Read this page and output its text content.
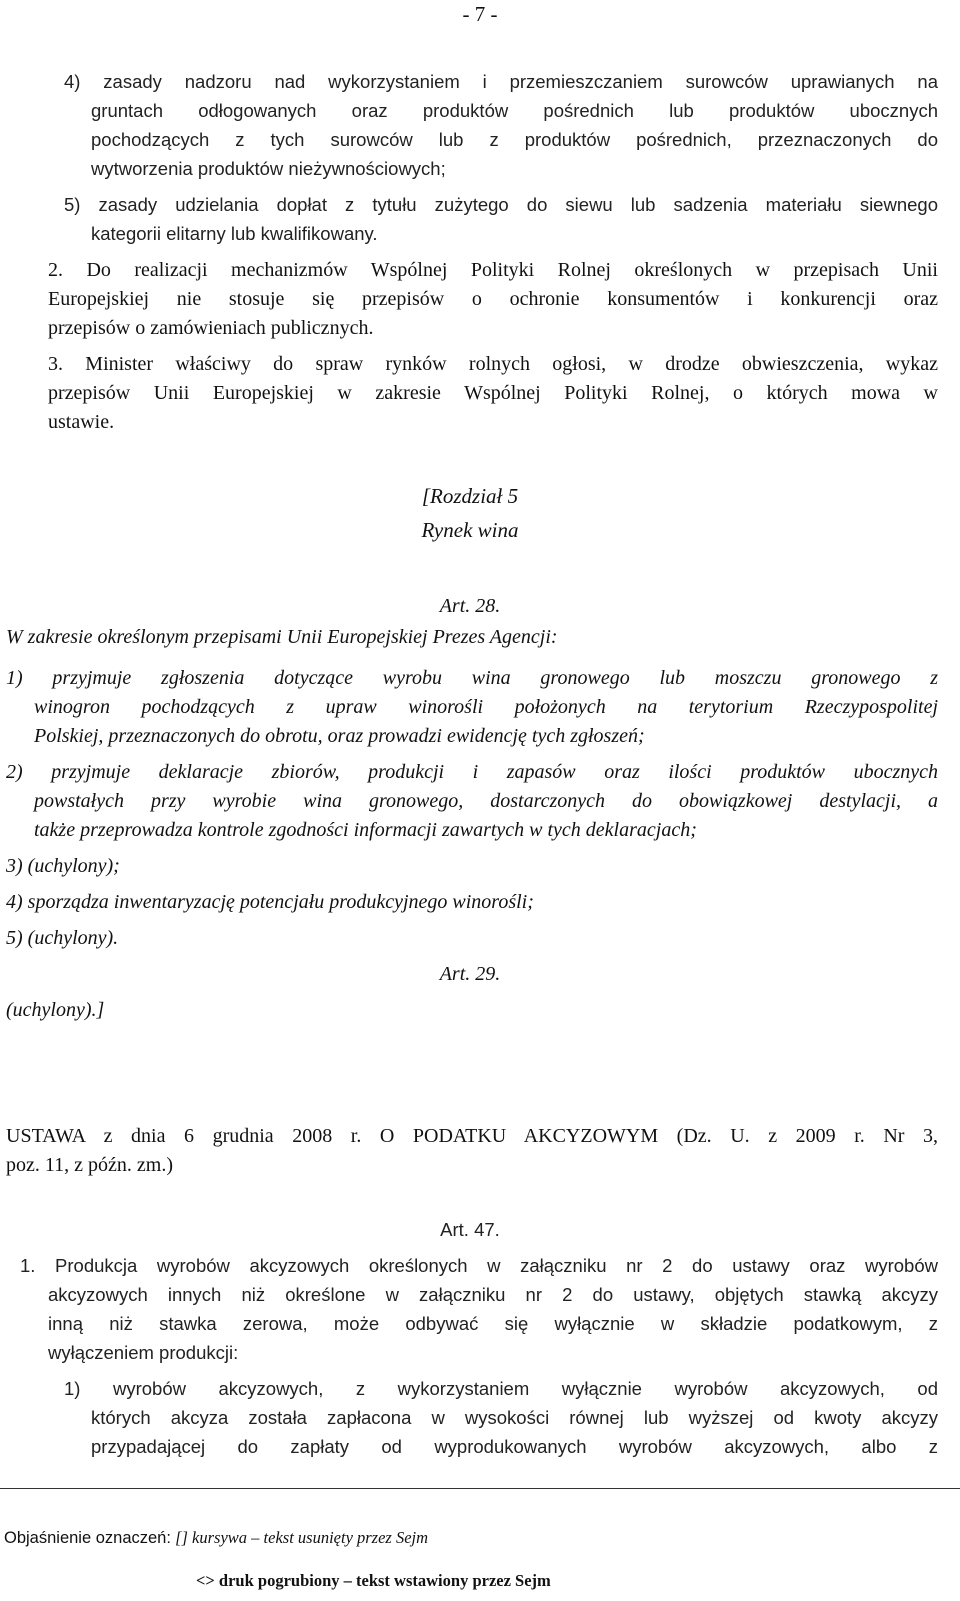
- 7 -
4) zasady nadzoru nad wykorzystaniem i przemieszczaniem surowców uprawianych na
gruntach odłogowanych oraz produktów pośrednich lub produktów ubocznych
pochodzących z tych surowców lub z produktów pośrednich, przeznaczonych do
wytworzenia produktów nieżywnościowych;
5) zasady udzielania dopłat z tytułu zużytego do siewu lub sadzenia materiału siewnego
kategorii elitarny lub kwalifikowany.
2. Do realizacji mechanizmów Wspólnej Polityki Rolnej określonych w przepisach Unii
Europejskiej nie stosuje się przepisów o ochronie konsumentów i konkurencji oraz
przepisów o zamówieniach publicznych.
3. Minister właściwy do spraw rynków rolnych ogłosi, w drodze obwieszczenia, wykaz
przepisów Unii Europejskiej w zakresie Wspólnej Polityki Rolnej, o których mowa w
ustawie.
[Rozdział 5
Rynek wina
Art. 28.
W zakresie określonym przepisami Unii Europejskiej Prezes Agencji:
1) przyjmuje zgłoszenia dotyczące wyrobu wina gronowego lub moszczu gronowego z
winogron pochodzących z upraw winorośli położonych na terytorium Rzeczypospolitej
Polskiej, przeznaczonych do obrotu, oraz prowadzi ewidencję tych zgłoszeń;
2) przyjmuje deklaracje zbiorów, produkcji i zapasów oraz ilości produktów ubocznych
powstałych przy wyrobie wina gronowego, dostarczonych do obowiązkowej destylacji, a
także przeprowadza kontrole zgodności informacji zawartych w tych deklaracjach;
3) (uchylony);
4) sporządza inwentaryzację potencjału produkcyjnego winorośli;
5) (uchylony).
Art. 29.
(uchylony).]
USTAWA z dnia 6 grudnia 2008 r. O PODATKU AKCYZOWYM (Dz. U. z 2009 r. Nr 3,
poz. 11, z późn. zm.)
Art. 47.
1. Produkcja wyrobów akcyzowych określonych w załączniku nr 2 do ustawy oraz wyrobów
akcyzowych innych niż określone w załączniku nr 2 do ustawy, objętych stawką akcyzy
inną niż stawka zerowa, może odbywać się wyłącznie w składzie podatkowym, z
wyłączeniem produkcji:
1) wyrobów akcyzowych, z wykorzystaniem wyłącznie wyrobów akcyzowych, od
których akcyza została zapłacona w wysokości równej lub wyższej od kwoty akcyzy
przypadającej do zapłaty od wyprodukowanych wyrobów akcyzowych, albo z
Objaśnienie oznaczeń: [] kursywa – tekst usunięty przez Sejm
<> druk pogrubiony – tekst wstawiony przez Sejm
